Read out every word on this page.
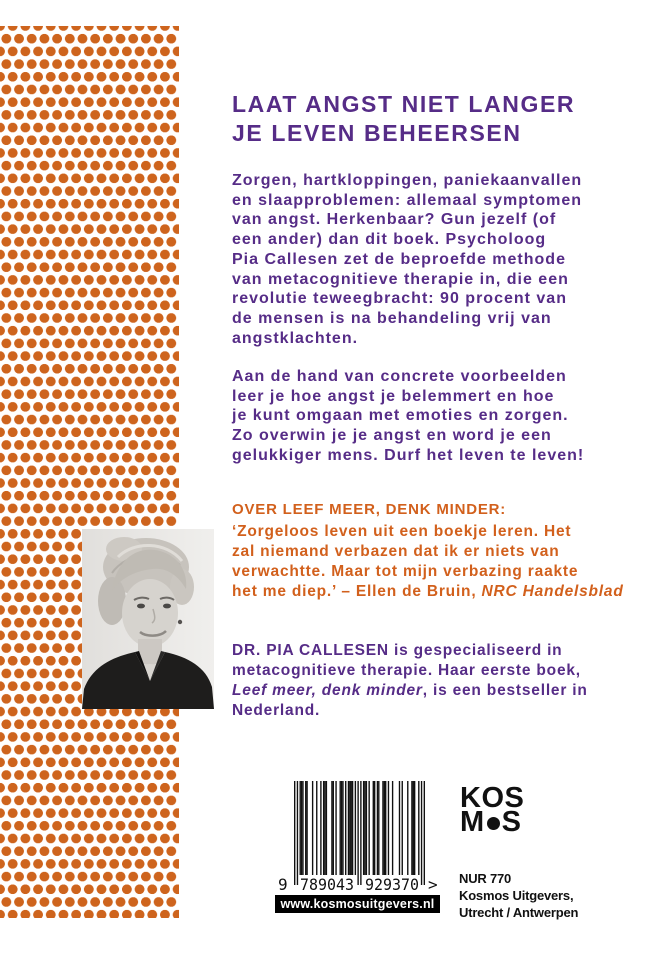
LAAT ANGST NIET LANGER
JE LEVEN BEHEERSEN
Zorgen, hartkloppingen, paniekaanvallen
en slaapproblemen: allemaal symptomen
van angst. Herkenbaar? Gun jezelf (of
een ander) dan dit boek. Psycholoog
Pia Callesen zet de beproefde methode
van metacognitieve therapie in, die een
revolutie teweegbracht: 90 procent van
de mensen is na behandeling vrij van
angstklachten.
Aan de hand van concrete voorbeelden
leer je hoe angst je belemmert en hoe
je kunt omgaan met emoties en zorgen.
Zo overwin je je angst en word je een
gelukkiger mens. Durf het leven te leven!
OVER LEEF MEER, DENK MINDER:
‘Zorgeloos leven uit een boekje leren. Het
zal niemand verbazen dat ik er niets van
verwachtte. Maar tot mijn verbazing raakte
het me diep.’ – Ellen de Bruin, NRC Handelsblad
DR. PIA CALLESEN is gespecialiseerd in
metacognitieve therapie. Haar eerste boek,
Leef meer, denk minder, is een bestseller in
Nederland.
9 789043 929370 >
www.kosmosuitgevers.nl
KOS
M S
NUR 770
Kosmos Uitgevers,
Utrecht / Antwerpen
